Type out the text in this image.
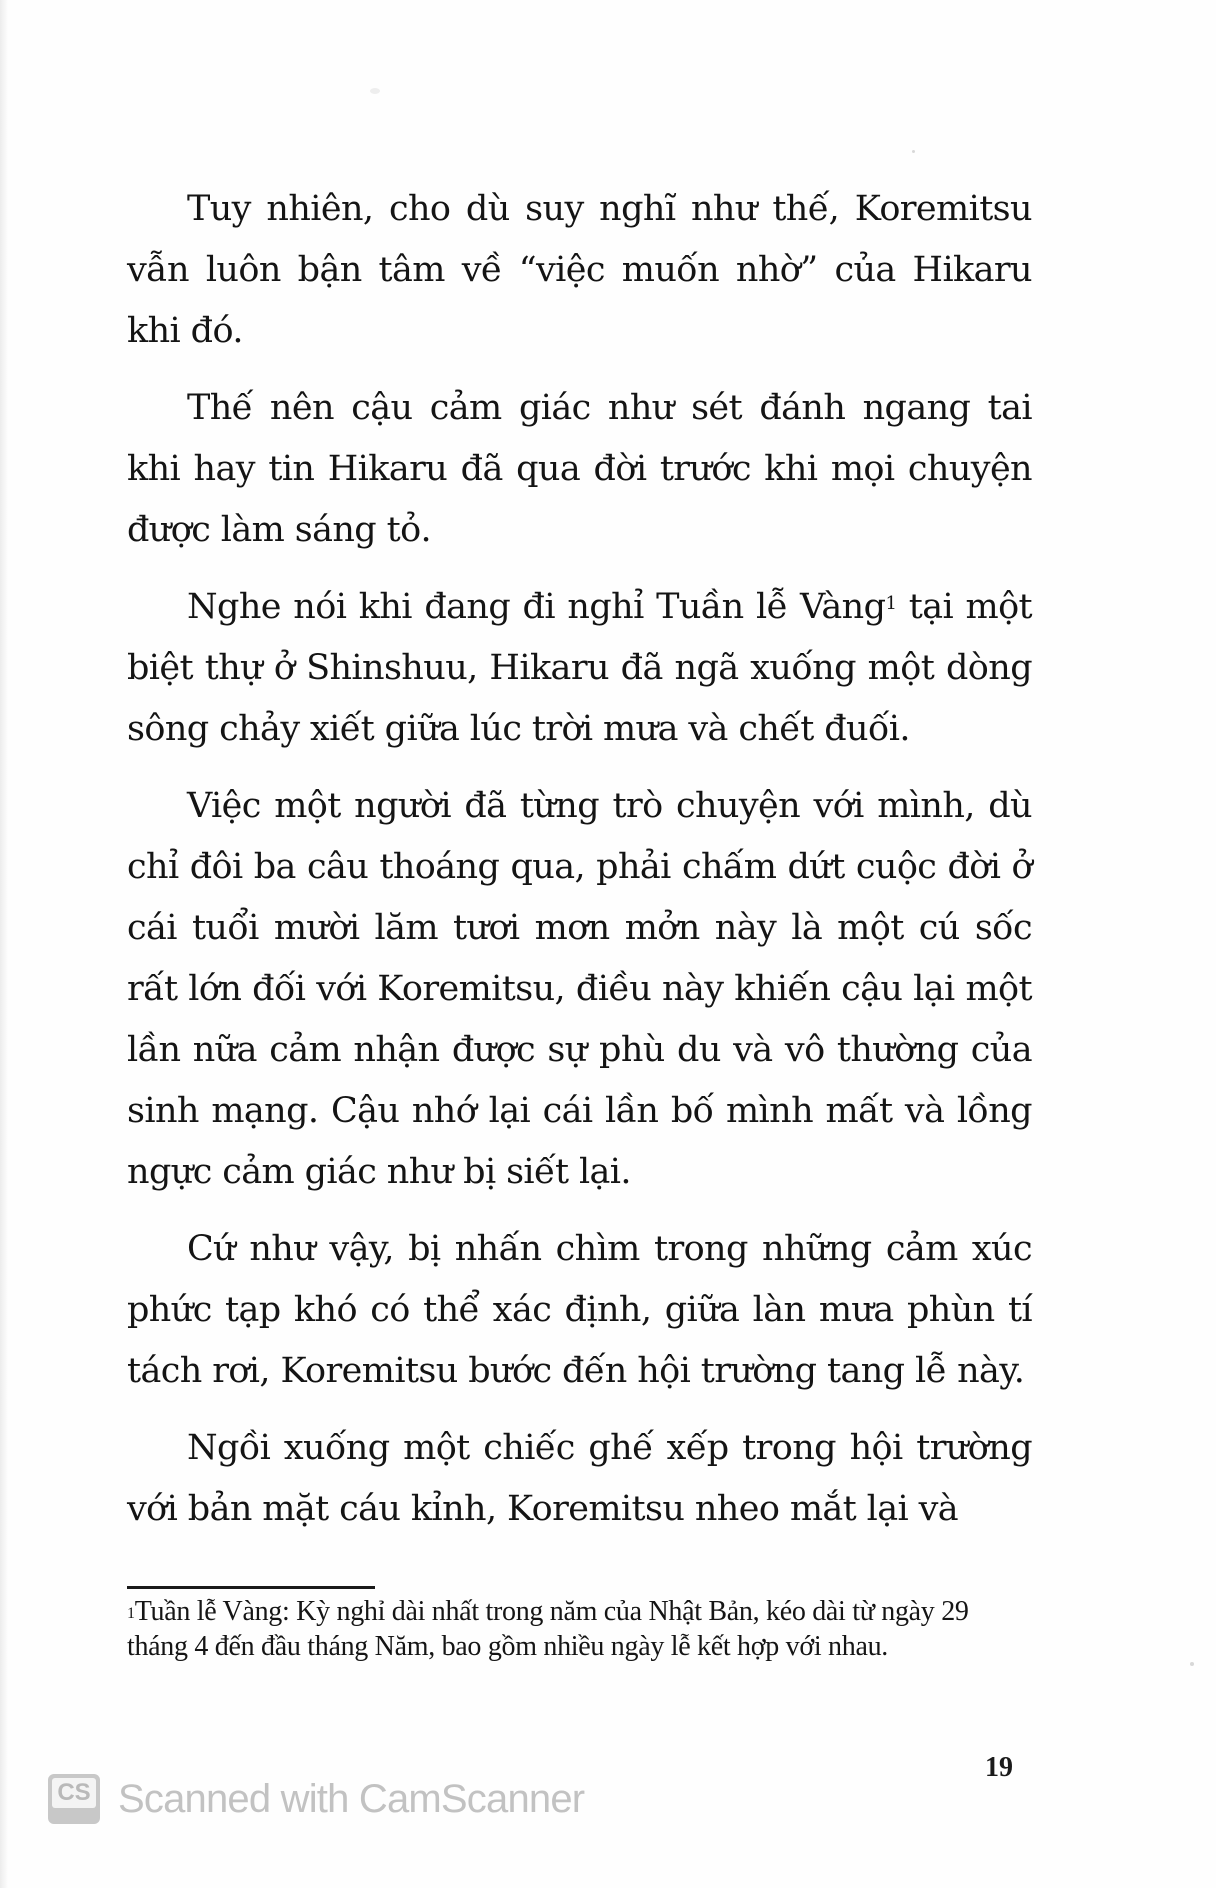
Tuy nhiên, cho dù suy nghĩ như thế, Koremitsu vẫn luôn bận tâm về “việc muốn nhờ” của Hikaru khi đó.

Thế nên cậu cảm giác như sét đánh ngang tai khi hay tin Hikaru đã qua đời trước khi mọi chuyện được làm sáng tỏ.

Nghe nói khi đang đi nghỉ Tuần lễ Vàng$^1$ tại một biệt thự ở Shinshuu, Hikaru đã ngã xuống một dòng sông chảy xiết giữa lúc trời mưa và chết đuối.

Việc một người đã từng trò chuyện với mình, dù chỉ đôi ba câu thoáng qua, phải chấm dứt cuộc đời ở cái tuổi mười lăm tươi mơn mởn này là một cú sốc rất lớn đối với Koremitsu, điều này khiến cậu lại một lần nữa cảm nhận được sự phù du và vô thường của sinh mạng. Cậu nhớ lại cái lần bố mình mất và lồng ngực cảm giác như bị siết lại.

Cứ như vậy, bị nhấn chìm trong những cảm xúc phức tạp khó có thể xác định, giữa làn mưa phùn tí tách rơi, Koremitsu bước đến hội trường tang lễ này.

Ngồi xuống một chiếc ghế xếp trong hội trường với bản mặt cáu kỉnh, Koremitsu nheo mắt lại và

$^1$Tuần lễ Vàng: Kỳ nghỉ dài nhất trong năm của Nhật Bản, kéo dài từ ngày 29 tháng 4 đến đầu tháng Năm, bao gồm nhiều ngày lễ kết hợp với nhau.
19
CS Scanned with CamScanner
